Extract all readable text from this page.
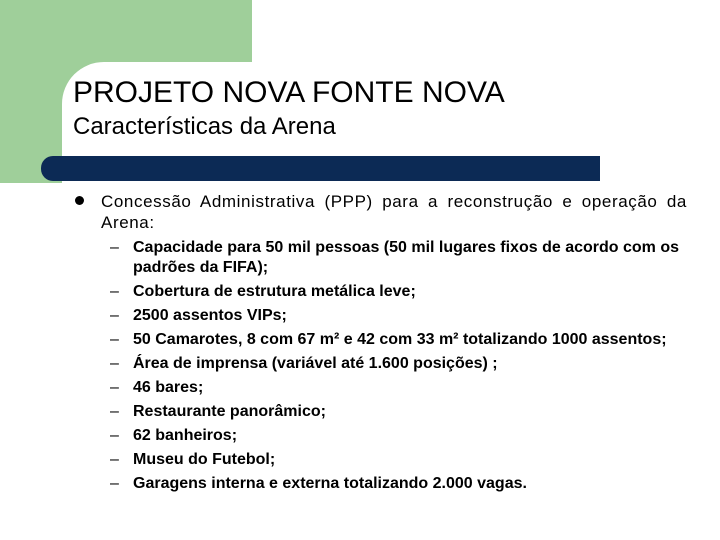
PROJETO NOVA FONTE NOVA
Características da Arena
Concessão Administrativa (PPP) para a reconstrução e operação da Arena:
– Capacidade para 50 mil pessoas (50 mil lugares fixos de acordo com os padrões da FIFA);
– Cobertura de estrutura metálica leve;
– 2500 assentos VIPs;
– 50 Camarotes, 8 com 67 m² e 42 com 33 m² totalizando 1000 assentos;
– Área de imprensa (variável até 1.600 posições) ;
– 46 bares;
– Restaurante panorâmico;
– 62 banheiros;
– Museu do Futebol;
– Garagens interna e externa totalizando 2.000 vagas.
